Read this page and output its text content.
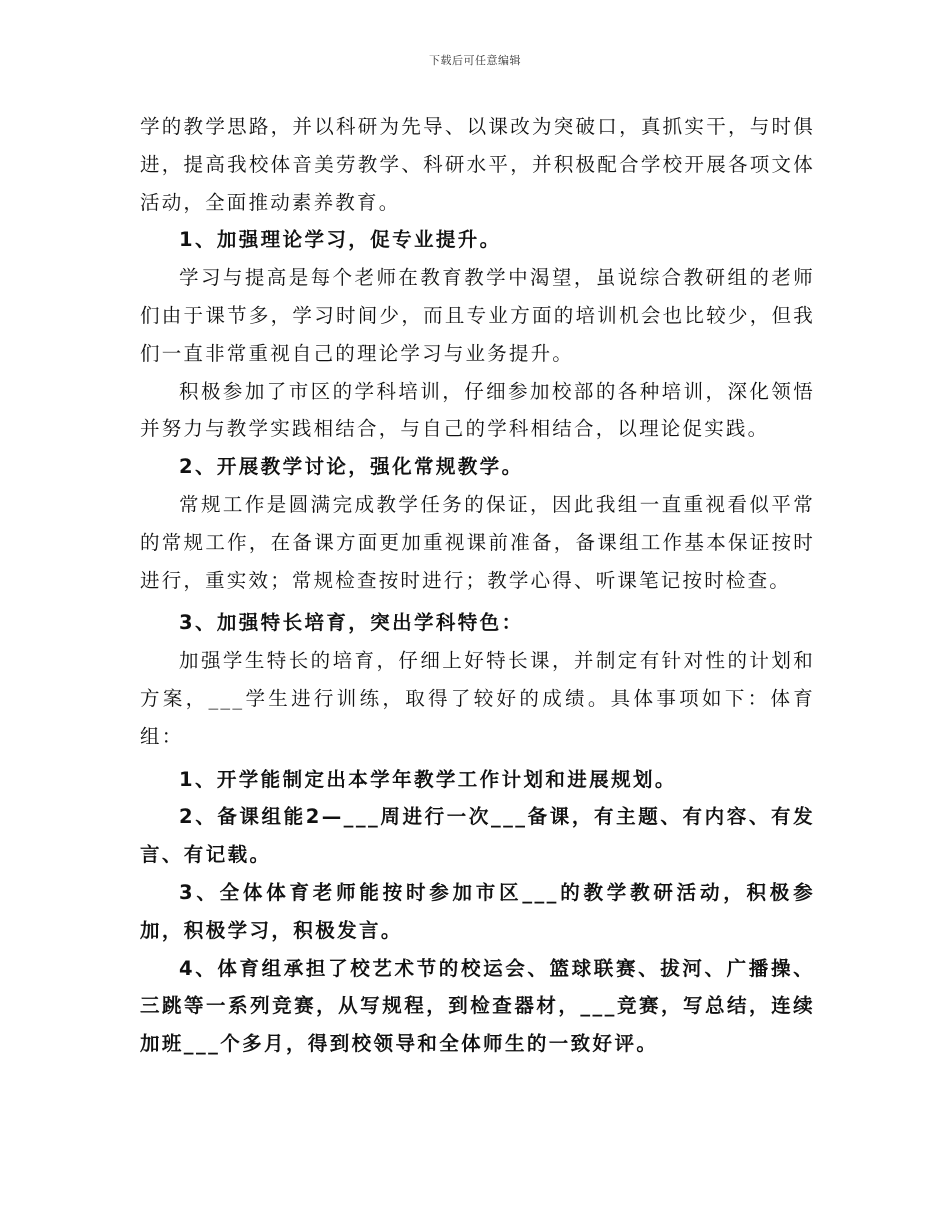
下载后可任意编辑

学的教学思路，并以科研为先导、以课改为突破口，真抓实干，与时俱进，提高我校体音美劳教学、科研水平，并积极配合学校开展各项文体活动，全面推动素养教育。

1、加强理论学习，促专业提升。

学习与提高是每个老师在教育教学中渴望，虽说综合教研组的老师们由于课节多，学习时间少，而且专业方面的培训机会也比较少，但我们一直非常重视自己的理论学习与业务提升。

积极参加了市区的学科培训，仔细参加校部的各种培训，深化领悟并努力与教学实践相结合，与自己的学科相结合，以理论促实践。

2、开展教学讨论，强化常规教学。

常规工作是圆满完成教学任务的保证，因此我组一直重视看似平常的常规工作，在备课方面更加重视课前准备，备课组工作基本保证按时进行，重实效；常规检查按时进行；教学心得、听课笔记按时检查。

3、加强特长培育，突出学科特色：

加强学生特长的培育，仔细上好特长课，并制定有针对性的计划和方案，___学生进行训练，取得了较好的成绩。具体事项如下：体育组：

1、开学能制定出本学年教学工作计划和进展规划。

2、备课组能2—___周进行一次___备课，有主题、有内容、有发言、有记载。

3、全体体育老师能按时参加市区___的教学教研活动，积极参加，积极学习，积极发言。

4、体育组承担了校艺术节的校运会、篮球联赛、拔河、广播操、三跳等一系列竞赛，从写规程，到检查器材，___竞赛，写总结，连续加班___个多月，得到校领导和全体师生的一致好评。
